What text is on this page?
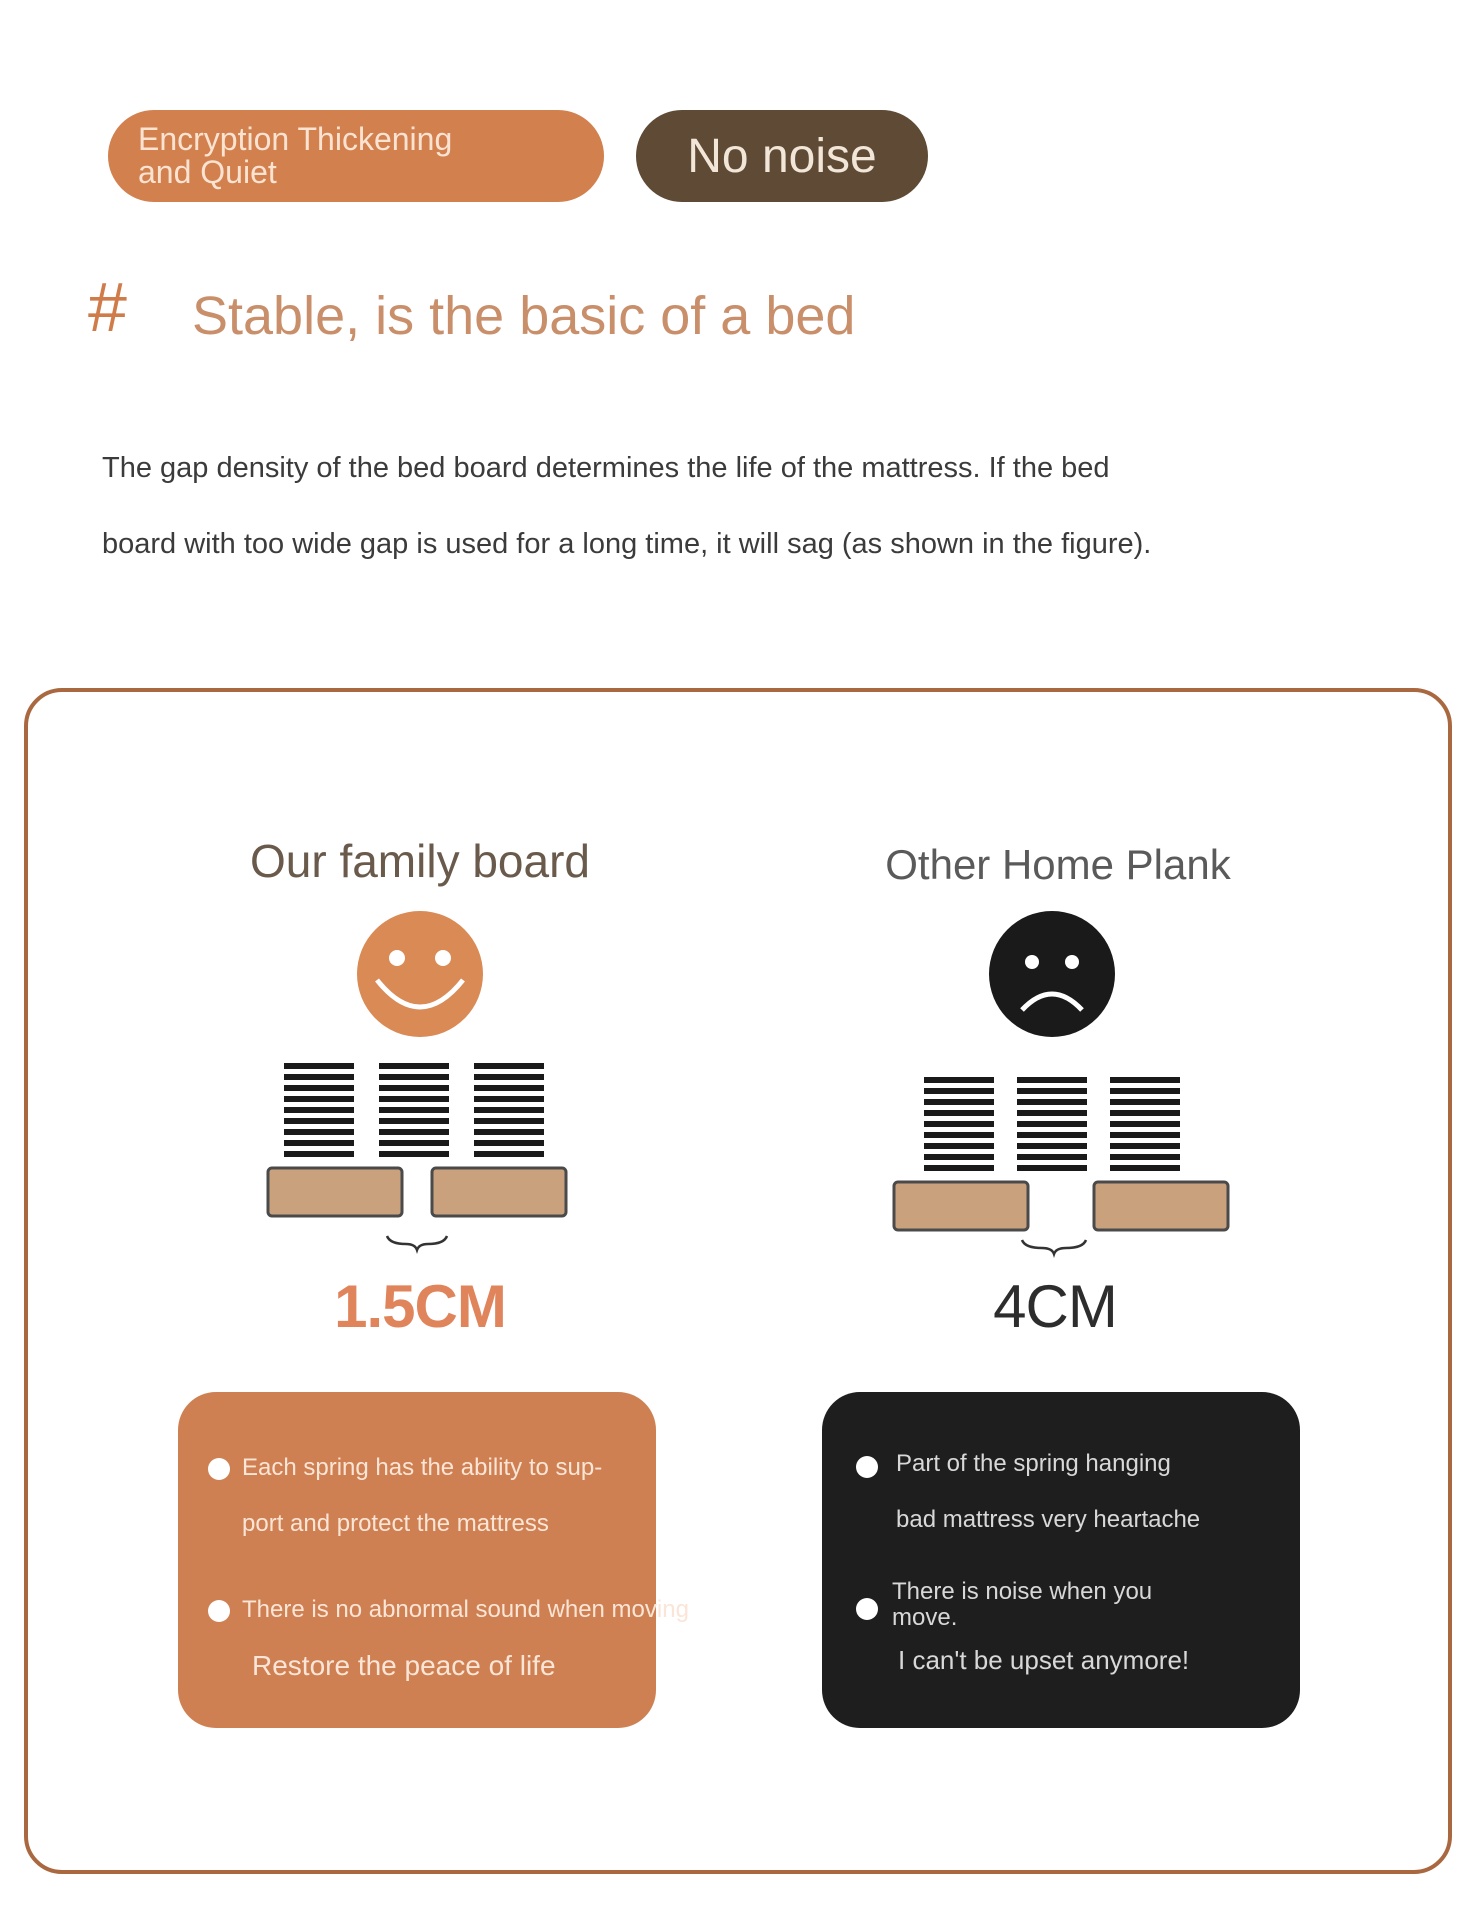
Encryption Thickening and Quiet	No noise
# Stable, is the basic of a bed
The gap density of the bed board determines the life of the mattress. If the bed
board with too wide gap is used for a long time, it will sag (as shown in the figure).
Our family board	Other Home Plank
1.5CM	4CM
Each spring has the ability to sup-
port and protect the mattress
There is no abnormal sound when moving
Restore the peace of life
Part of the spring hanging
bad mattress very heartache
There is noise when you
move.
I can't be upset anymore!
